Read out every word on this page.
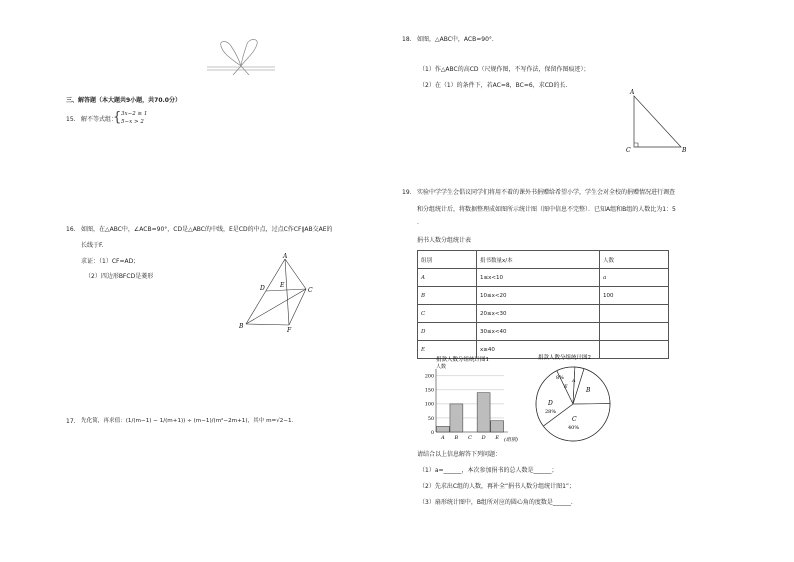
三、解答题（本大题共9小题，共70.0分）
15. 解不等式组：
{ 3x−2 ≥ 1
5−x > 2
16. 如图，在△ABC中，∠ACB=90°，CD是△ABC的中线，E是CD的中点，过点C作CF∥AB交AE的
长线于F.
求证：（1）CF=AD；
（2）四边形BFCD是菱形
A
D	E
C
B
F
17. 先化简，再求值：(1/(m−1) − 1/(m+1)) ÷ (m−1)/(m²−2m+1)，其中 m=√2−1.
18. 如图，△ABC中，ACB=90°.
（1）作△ABC的高CD（尺规作图，不写作法，保留作图痕迹）；
（2）在（1）的条件下，若AC=8，BC=6，求CD的长.
A
C	B
19. 实验中学学生会倡议同学们将用不着的课外书捐赠给希望小学，学生会对全校的捐赠情况进行调查
和分组统计后，将数据整理成如图所示统计图（图中信息不完整）．已知A组和B组的人数比为1：5
.
捐书人数分组统计表
组别	捐书数量x/本	人数
A	1≤x<10	a
B	10≤x<20	100
C	20≤x<30	
D	30≤x<40	
E	x≥40	
捐款人数分组统计图1
人数
(组别)
0
50
100
150
200
A B C D E
捐款人数分组统计图2
8%
E
A
B
D
28%
C
40%
请结合以上信息解答下列问题：
（1）a=______，本次参加捐书的总人数是______；
（2）先求出C组的人数，再补全“捐书人数分组统计图1”；
（3）扇形统计图中，B组所对应的圆心角的度数是______.
